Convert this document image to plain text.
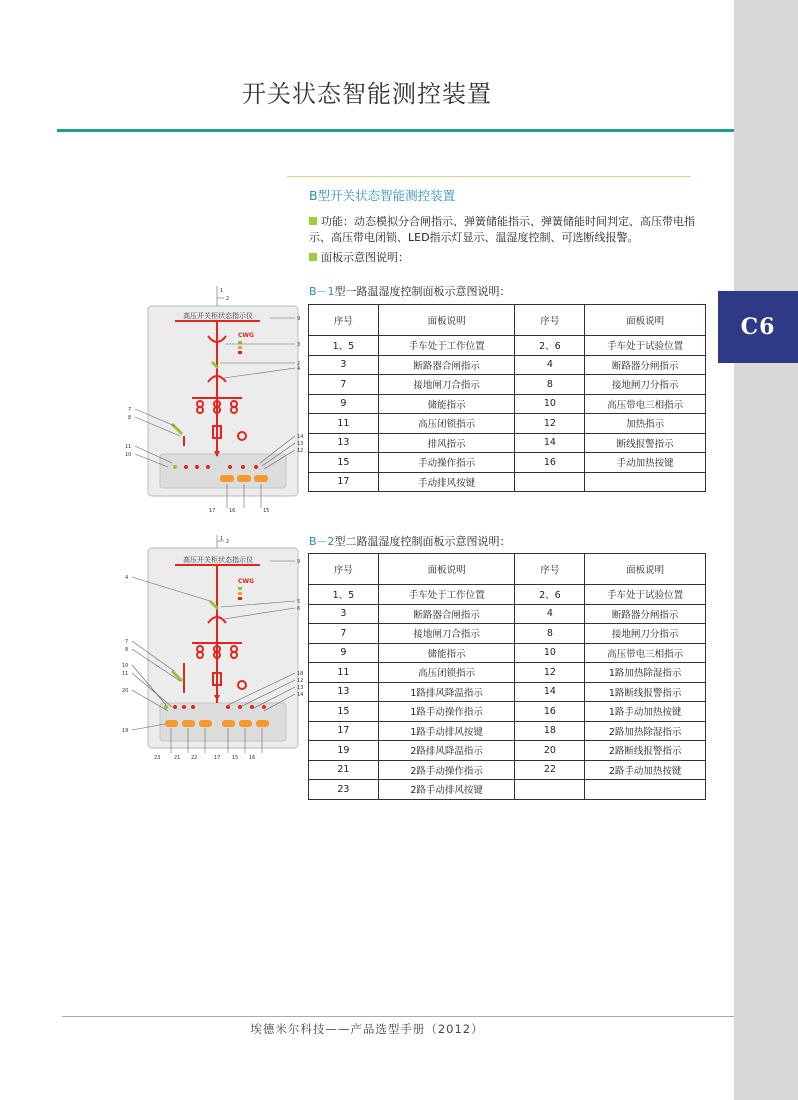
C6
开关状态智能测控装置
B型开关状态智能测控装置
功能：动态模拟分合闸指示、弹簧储能指示、弹簧储能时间判定、高压带电指示、高压带电闭锁、LED指示灯显示、温湿度控制、可选断线报警。
面板示意图说明：
B－1型一路温湿度控制面板示意图说明：
序号	面板说明	序号	面板说明
1、5	手车处于工作位置	2、6	手车处于试验位置
3	断路器合闸指示	4	断路器分闸指示
7	接地闸刀合指示	8	接地闸刀分指示
9	储能指示	10	高压带电三相指示
11	高压闭锁指示	12	加热指示
13	排风指示	14	断线报警指示
15	手动操作指示	16	手动加热按键
17	手动排风按键		
B－2型二路温湿度控制面板示意图说明：
序号	面板说明	序号	面板说明
1、5	手车处于工作位置	2、6	手车处于试验位置
3	断路器合闸指示	4	断路器分闸指示
7	接地闸刀合指示	8	接地闸刀分指示
9	储能指示	10	高压带电三相指示
11	高压闭锁指示	12	1路加热除湿指示
13	1路排风降温指示	14	1路断线报警指示
15	1路手动操作指示	16	1路手动加热按键
17	1路手动排风按键	18	2路加热除湿指示
19	2路排风降温指示	20	2路断线报警指示
21	2路手动操作指示	22	2路手动加热按键
23	2路手动排风按键		
高压开关柜状态指示仪
CWG
1
2
9
3
2
4
7
8
11
10
14
13
12
17	16	15
高压开关柜状态指示仪
CWG
1 2
9
5
6
4
7
8
10
11
20
19
18
12
13
14
23	21 22	17 15 16
埃德米尔科技——产品选型手册（2012）
